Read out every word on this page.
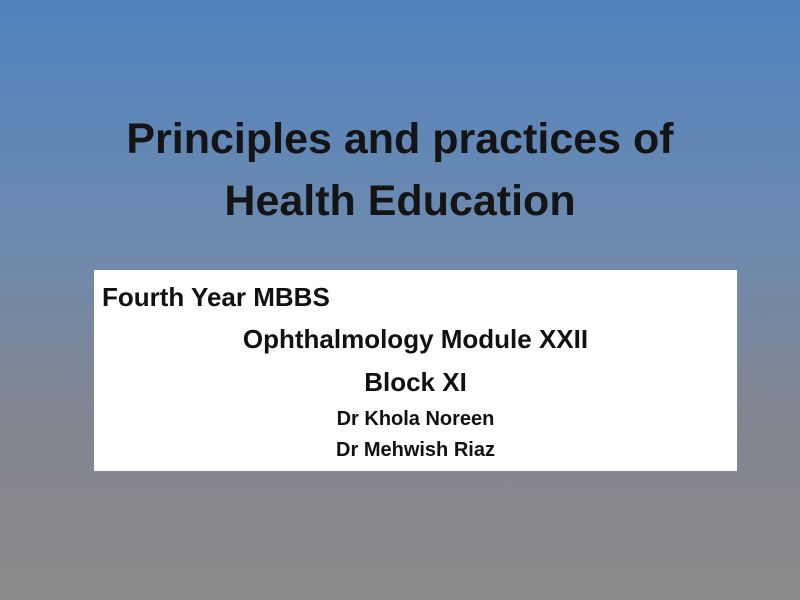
Principles and practices of
Health Education
Fourth Year MBBS
Ophthalmology Module XXII
Block XI
Dr Khola Noreen
Dr Mehwish Riaz
